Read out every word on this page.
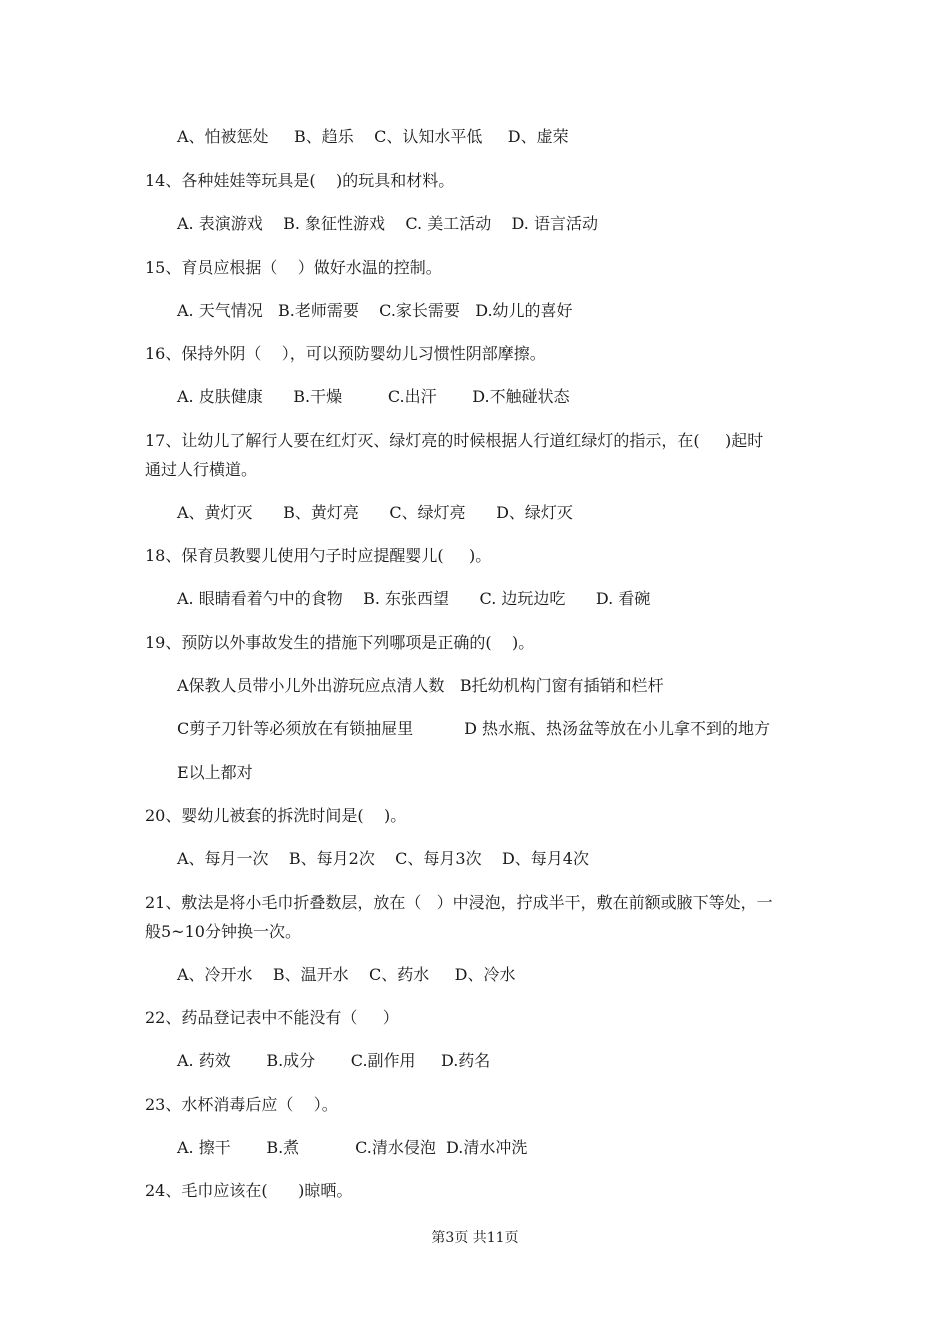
A、怕被惩处     B、趋乐    C、认知水平低     D、虚荣
14、各种娃娃等玩具是(    )的玩具和材料。
A. 表演游戏    B. 象征性游戏    C. 美工活动    D. 语言活动
15、育员应根据（    ）做好水温的控制。
A. 天气情况   B.老师需要    C.家长需要   D.幼儿的喜好
16、保持外阴（    ），可以预防婴幼儿习惯性阴部摩擦。
A. 皮肤健康      B.干燥         C.出汗       D.不触碰状态
17、让幼儿了解行人要在红灯灭、绿灯亮的时候根据人行道红绿灯的指示，在(     )起时
通过人行横道。
A、黄灯灭      B、黄灯亮      C、绿灯亮      D、绿灯灭
18、保育员教婴儿使用勺子时应提醒婴儿(     )。
A. 眼睛看着勺中的食物    B. 东张西望      C. 边玩边吃      D. 看碗
19、预防以外事故发生的措施下列哪项是正确的(    )。
A保教人员带小儿外出游玩应点清人数   B托幼机构门窗有插销和栏杆
C剪子刀针等必须放在有锁抽屉里          D 热水瓶、热汤盆等放在小儿拿不到的地方
E以上都对
20、婴幼儿被套的拆洗时间是(    )。
A、每月一次    B、每月2次    C、每月3次    D、每月4次
21、敷法是将小毛巾折叠数层，放在（   ）中浸泡，拧成半干，敷在前额或腋下等处，一
般5~10分钟换一次。
A、冷开水    B、温开水    C、药水     D、冷水
22、药品登记表中不能没有（     ）
A. 药效       B.成分       C.副作用     D.药名
23、水杯消毒后应（    ）。
A. 擦干       B.煮           C.清水侵泡  D.清水冲洗
24、毛巾应该在(      )晾晒。
第3页 共11页
